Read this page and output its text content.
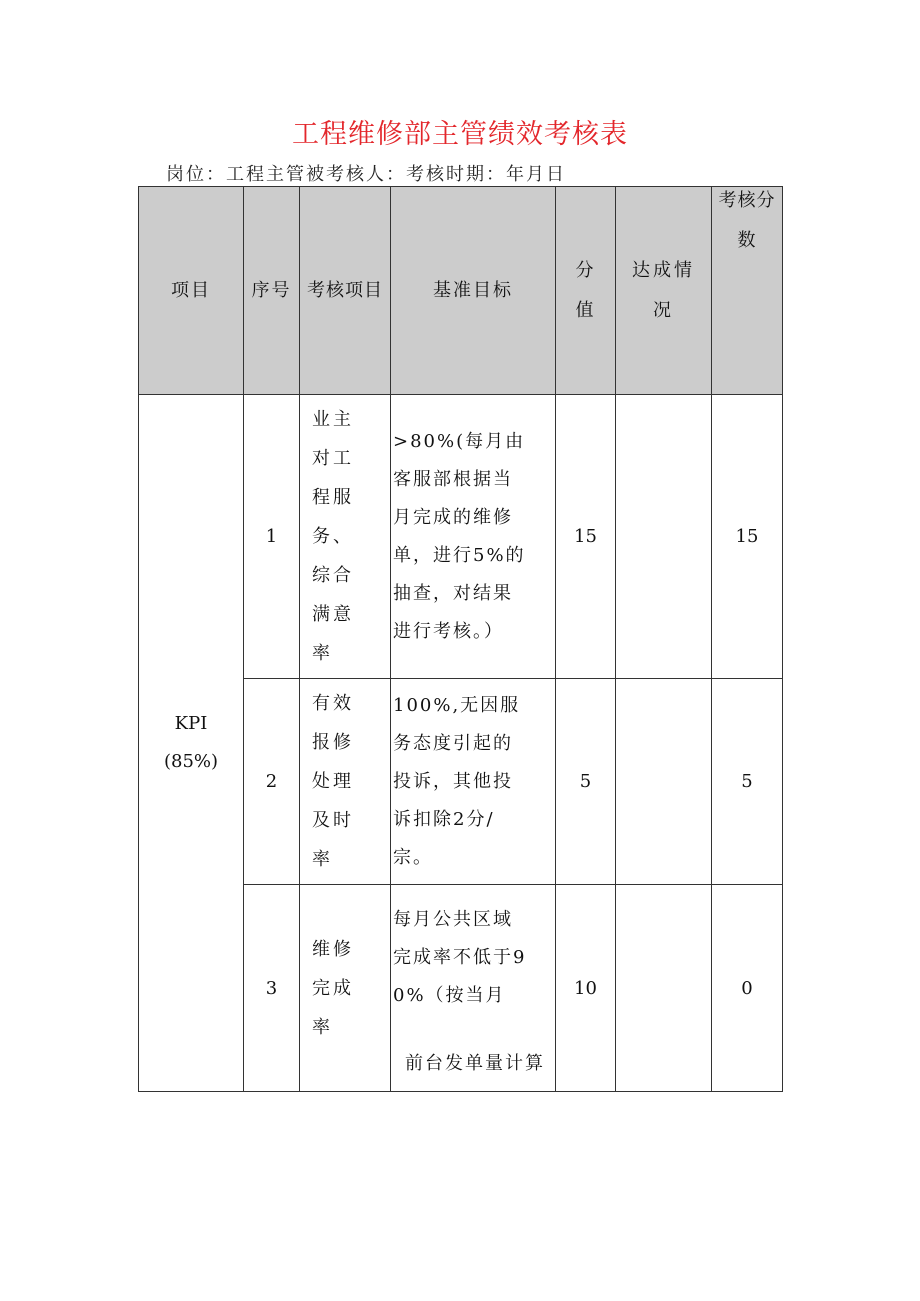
工程维修部主管绩效考核表
岗位：工程主管被考核人：考核时期：年月日
项目	序号	考核项目	基准目标	分值	达成情况	考核分数

KPI
(85%)	1	业主对工程服务、综合满意率	>80%(每月由客服部根据当月完成的维修单，进行5%的抽查，对结果进行考核。）	15		15
	2	有效报修处理及时率	100%,无因服务态度引起的投诉，其他投诉扣除2分/宗。	5		5
	3	维修完成率	每月公共区域完成率不低于90%（按当月
前台发单量计算	10		0
